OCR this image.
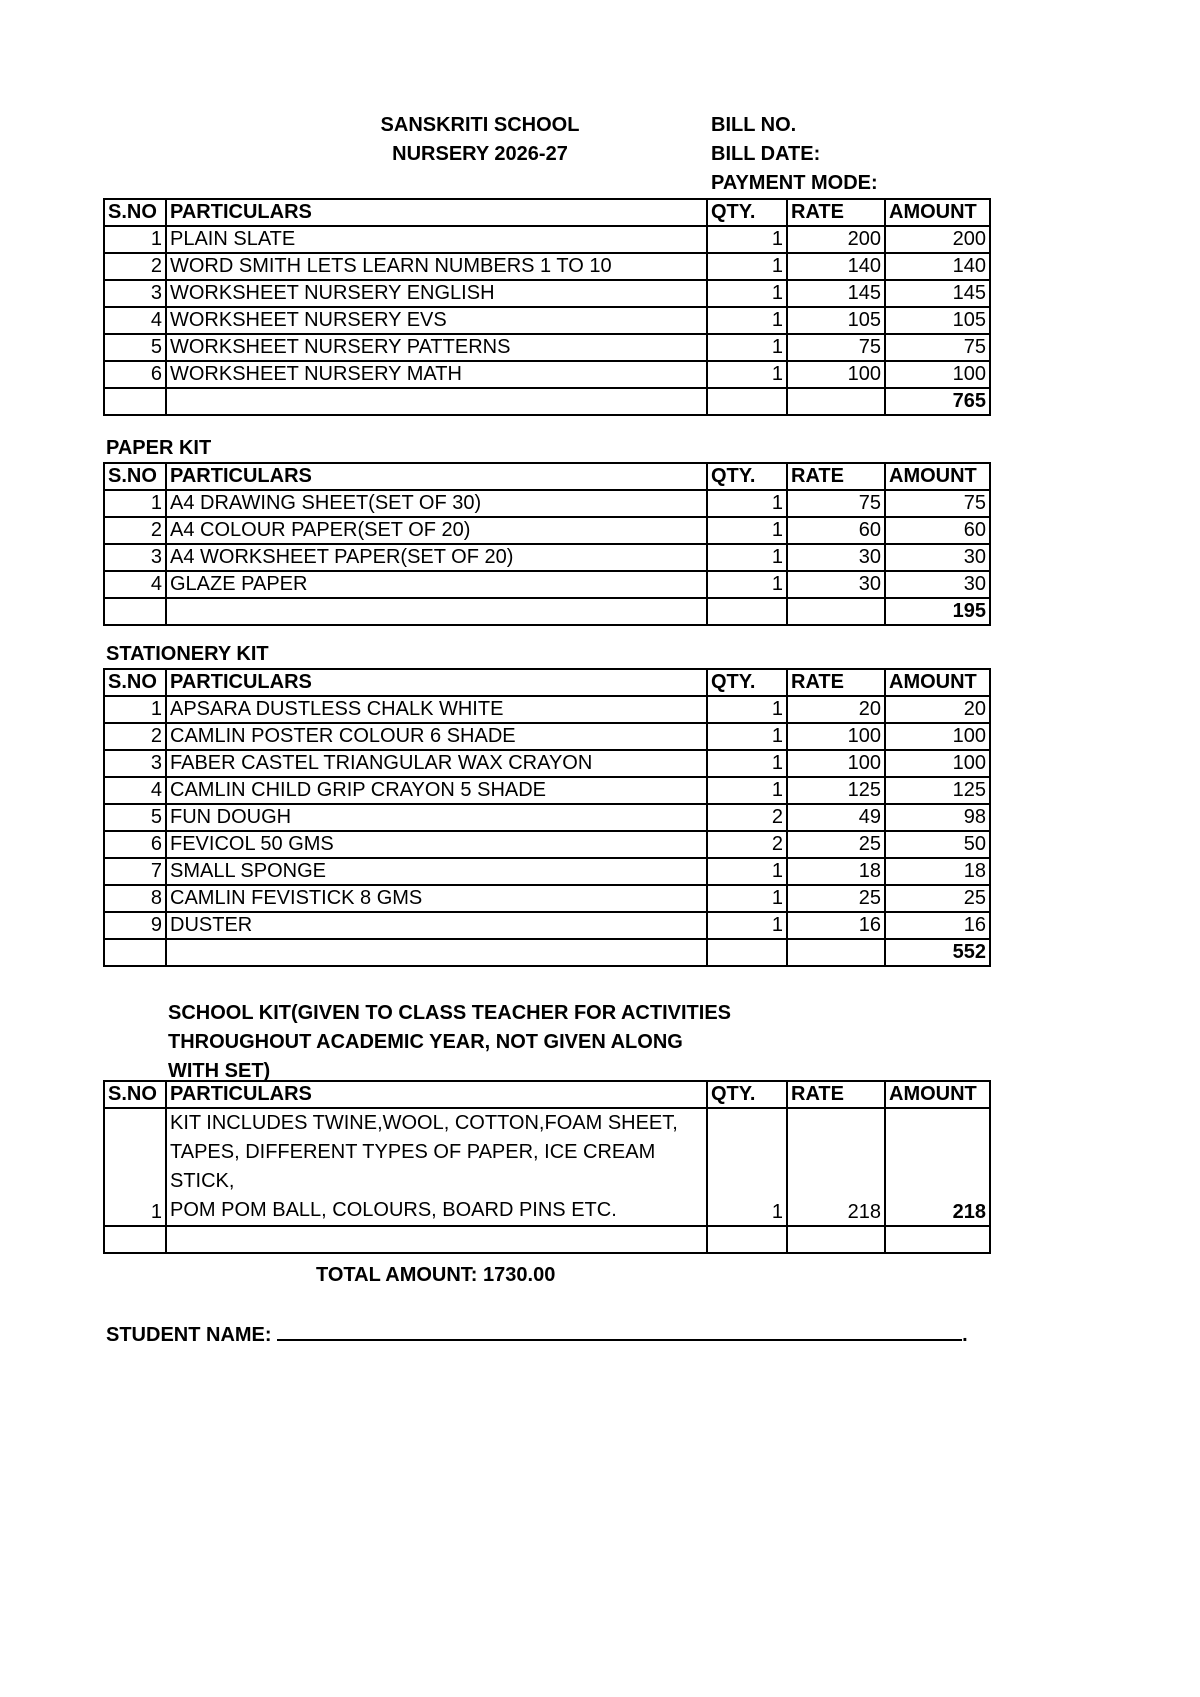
SANSKRITI SCHOOL
NURSERY 2026-27
BILL NO.
BILL DATE:
PAYMENT MODE:
S.NO	PARTICULARS	QTY.	RATE	AMOUNT
1	PLAIN SLATE	1	200	200
2	WORD SMITH LETS LEARN NUMBERS 1 TO 10	1	140	140
3	WORKSHEET NURSERY ENGLISH	1	145	145
4	WORKSHEET NURSERY EVS	1	105	105
5	WORKSHEET NURSERY PATTERNS	1	75	75
6	WORKSHEET NURSERY MATH	1	100	100
				765
PAPER KIT
S.NO	PARTICULARS	QTY.	RATE	AMOUNT
1	A4 DRAWING SHEET(SET OF 30)	1	75	75
2	A4 COLOUR PAPER(SET OF 20)	1	60	60
3	A4 WORKSHEET PAPER(SET OF 20)	1	30	30
4	GLAZE PAPER	1	30	30
				195
STATIONERY KIT
S.NO	PARTICULARS	QTY.	RATE	AMOUNT
1	APSARA DUSTLESS CHALK WHITE	1	20	20
2	CAMLIN POSTER COLOUR 6 SHADE	1	100	100
3	FABER CASTEL TRIANGULAR WAX CRAYON	1	100	100
4	CAMLIN CHILD GRIP CRAYON 5 SHADE	1	125	125
5	FUN DOUGH	2	49	98
6	FEVICOL 50 GMS	2	25	50
7	SMALL SPONGE	1	18	18
8	CAMLIN FEVISTICK 8 GMS	1	25	25
9	DUSTER	1	16	16
				552
SCHOOL KIT(GIVEN TO CLASS TEACHER FOR ACTIVITIES
THROUGHOUT ACADEMIC YEAR, NOT GIVEN ALONG
WITH SET)
S.NO	PARTICULARS	QTY.	RATE	AMOUNT
1	KIT INCLUDES TWINE,WOOL, COTTON,FOAM SHEET,
TAPES, DIFFERENT TYPES OF PAPER, ICE CREAM STICK,
POM POM BALL, COLOURS, BOARD PINS ETC.	1	218	218

TOTAL AMOUNT: 1730.00
STUDENT NAME:	.
